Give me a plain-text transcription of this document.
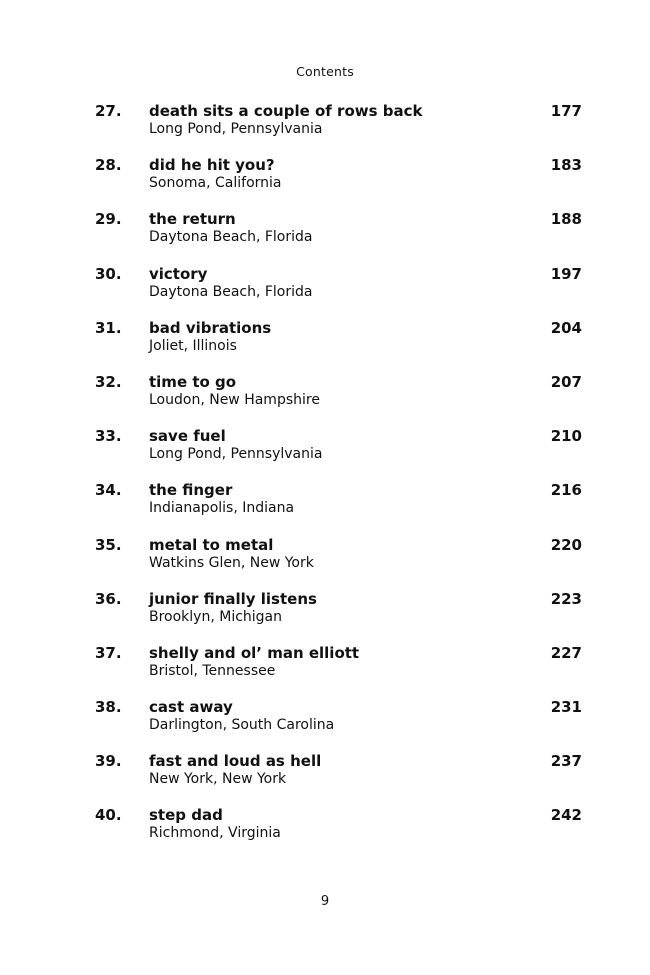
Contents
27. death sits a couple of rows back
Long Pond, Pennsylvania
177
28. did he hit you?
Sonoma, California
183
29. the return
Daytona Beach, Florida
188
30. victory
Daytona Beach, Florida
197
31. bad vibrations
Joliet, Illinois
204
32. time to go
Loudon, New Hampshire
207
33. save fuel
Long Pond, Pennsylvania
210
34. the finger
Indianapolis, Indiana
216
35. metal to metal
Watkins Glen, New York
220
36. junior finally listens
Brooklyn, Michigan
223
37. shelly and ol’ man elliott
Bristol, Tennessee
227
38. cast away
Darlington, South Carolina
231
39. fast and loud as hell
New York, New York
237
40. step dad
Richmond, Virginia
242
9
